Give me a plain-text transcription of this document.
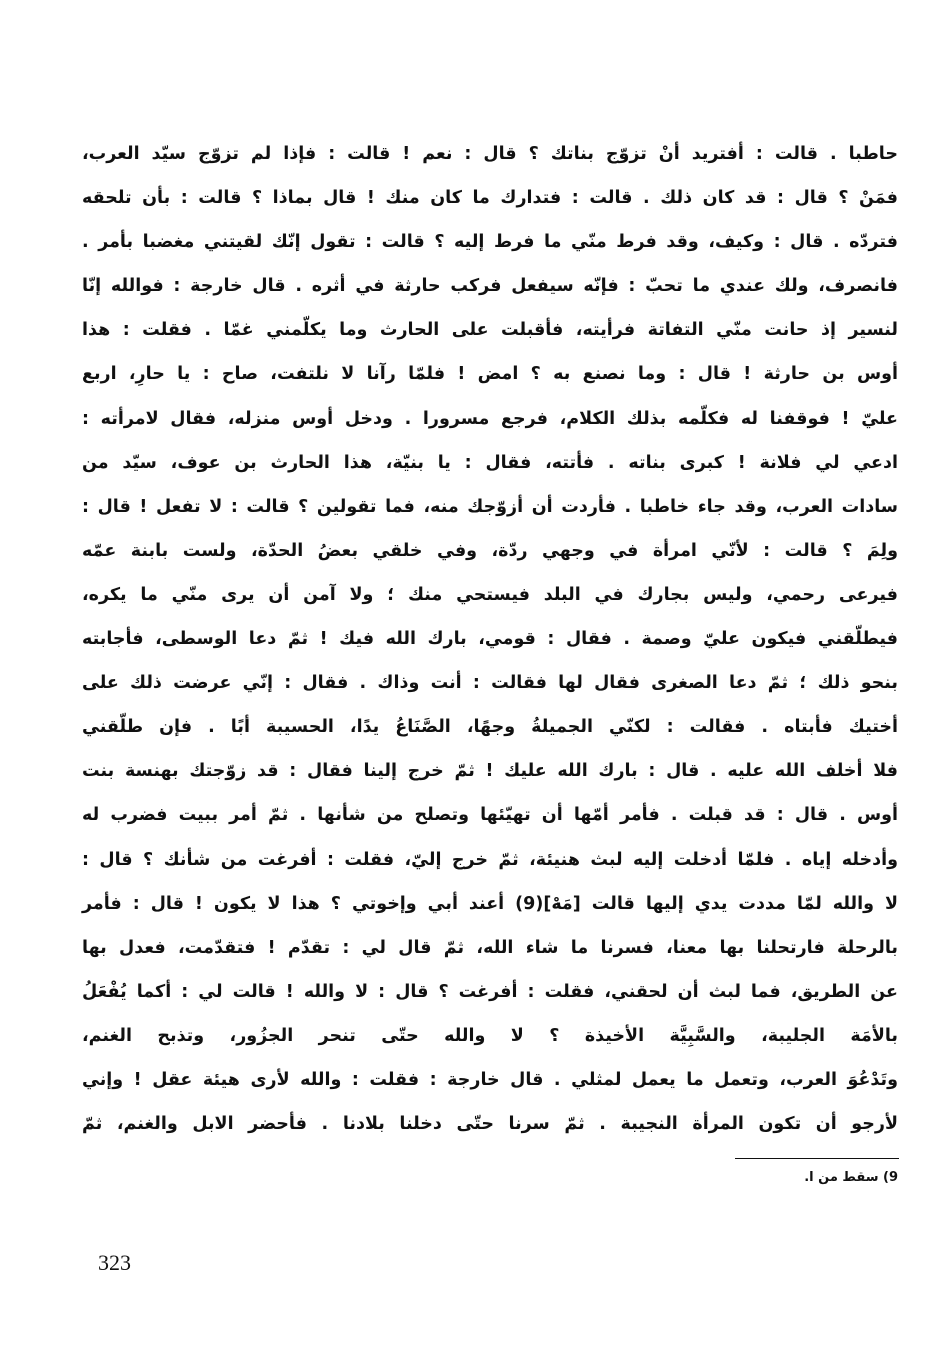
حاطبا . قالت : أفتريد أنْ تزوّج بناتك ؟ قال : نعم ! قالت : فإذا لم تزوّج سيّد العرب،
فمَنْ ؟ قال : قد كان ذلك . قالت : فتدارك ما كان منك ! قال بماذا ؟ قالت : بأن تلحقه
فتردّه . قال : وكيف، وقد فرط منّي ما فرط إليه ؟ قالت : تقول إنّك لقيتني مغضبا بأمر .
فانصرف، ولك عندي ما تحبّ : فإنّه سيفعل فركب حارثة في أثره . قال خارجة : فوالله إنّا
لنسير إذ حانت منّي التفاتة فرأيته، فأقبلت على الحارث وما يكلّمني غمّا . فقلت : هذا
أوس بن حارثة ! قال : وما نصنع به ؟ امض ! فلمّا رآنا لا نلتفت، صاح : يا حارِ، اربع
عليّ ! فوقفنا له فكلّمه بذلك الكلام، فرجع مسرورا . ودخل أوس منزله، فقال لامرأته :
ادعي لي فلانة ! كبرى بناته . فأتته، فقال : يا بنيّة، هذا الحارث بن عوف، سيّد من
سادات العرب، وقد جاء خاطبا . فأردت أن أزوّجك منه، فما تقولين ؟ قالت : لا تفعل ! قال :
ولِمَ ؟ قالت : لأنّي امرأة في وجهي ردّة، وفي خلقي بعضُ الحدّة، ولست بابنة عمّه
فيرعى رحمي، وليس بجارك في البلد فيستحي منك ؛ ولا آمن أن يرى منّي ما يكره،
فيطلّقني فيكون عليّ وصمة . فقال : قومي، بارك الله فيك ! ثمّ دعا الوسطى، فأجابته
بنحو ذلك ؛ ثمّ دعا الصغرى فقال لها فقالت : أنت وذاك . فقال : إنّي عرضت ذلك على
أختيك فأبتاه . فقالت : لكنّي الجميلةُ وجهًا، الصَّنَاعُ يدًا، الحسيبة أبًا . فإن طلّقني
فلا أخلف الله عليه . قال : بارك الله عليك ! ثمّ خرج إلينا فقال : قد زوّجتك بهنسة بنت
أوس . قال : قد قبلت . فأمر أمّها أن تهيّئها وتصلح من شأنها . ثمّ أمر ببيت فضرب له
وأدخله إياه . فلمّا أدخلت إليه لبث هنيئة، ثمّ خرج إليّ، فقلت : أفرغت من شأنك ؟ قال :
لا والله لمّا مددت يدي إليها قالت [مَهْ](9) أعند أبي وإخوتي ؟ هذا لا يكون ! قال : فأمر
بالرحلة فارتحلنا بها معنا، فسرنا ما شاء الله، ثمّ قال لي : تقدّم ! فتقدّمت، فعدل بها
عن الطريق، فما لبث أن لحقني، فقلت : أفرغت ؟ قال : لا والله ! قالت لي : أكما يُفْعَلُ
بالأمَة الجليبة، والسَّبِيَّة الأخيذة ؟ لا والله حتّى تنحر الجزُور، وتذبح الغنم،
وتَدْعُوَ العرب، وتعمل ما يعمل لمثلي . قال خارجة : فقلت : والله لأرى هيئة عقل ! وإني
لأرجو أن تكون المرأة النجيبة . ثمّ سرنا حتّى دخلنا بلادنا . فأحضر الابل والغنم، ثمّ
9) سقط من ا.
323
